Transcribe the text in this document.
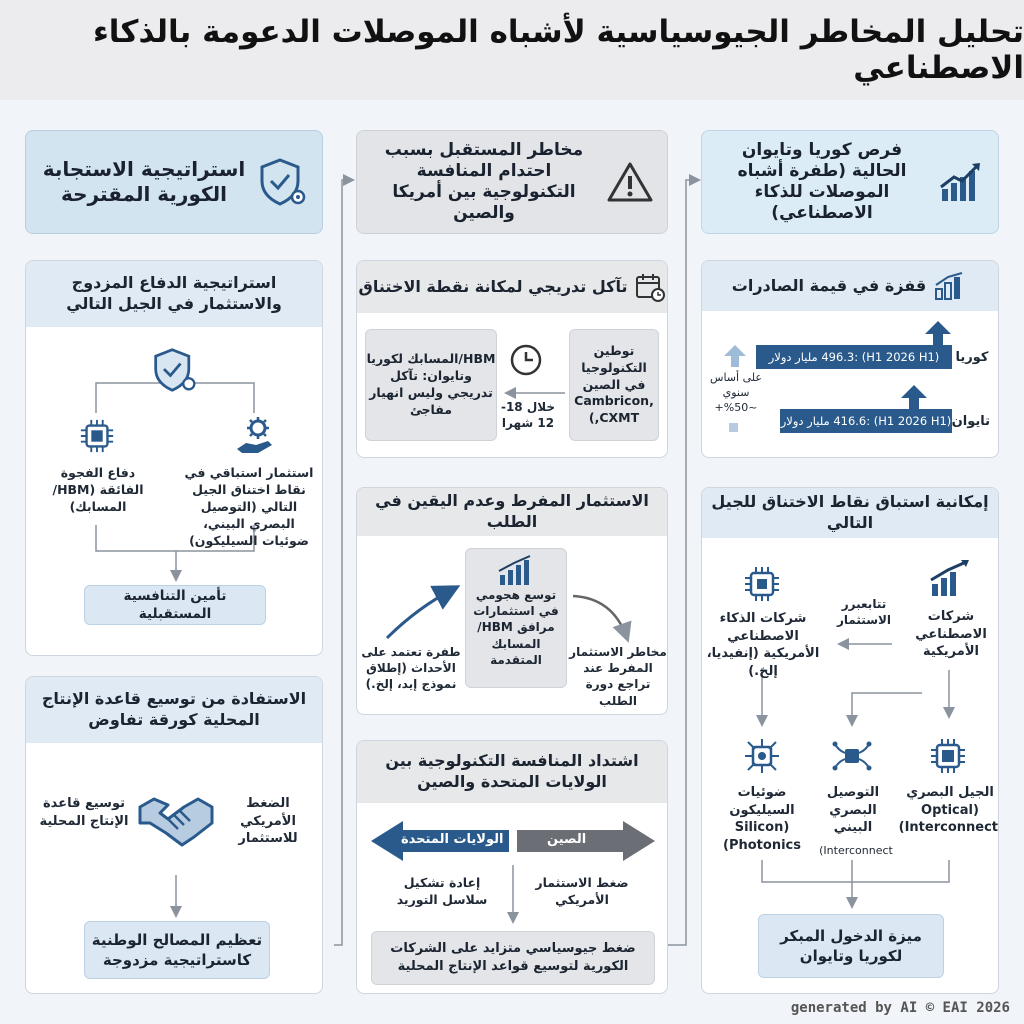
تحليل المخاطر الجيوسياسية لأشباه الموصلات الدعومة بالذكاء الاصطناعي
فرص كوريا وتايوان الحالية (طفرة أشباه الموصلات للذكاء الاصطناعي)
قفزة في قيمة الصادرات
كوريا
(H1 2026 H1) :496.3 مليار دولار
تايوان
(H1 2026 H1) :416.6 مليار دولار
على أساس سنوي ~50%+
إمكانية استباق نقاط الاختناق للجيل التالي
شركات الذكاء الاصطناعي الأمريكية (إنفيديا، إلخ.)
تتابعبرر الاستثمار	شركات الاصطناعي الأمريكية
ضوئيات السيليكون (Silicon Photonics)
التوصيل البصري البيني
Interconnect)
الجيل البصري (Optical Interconnect)
ميزة الدخول المبكر لكوريا وتايوان
مخاطر المستقبل بسبب احتدام المنافسة التكنولوجية بين أمريكا والصين
تآكل تدريجي لمكانة نقطة الاختناق
توطين التكنولوجيا في الصين Cambricon, CXMT,)
خلال 18-12 شهرا
HBM/المسابك لكوريا وتايوان: تآكل تدريجي وليس انهيار مفاجئ
الاستثمار المفرط وعدم اليقين في الطلب
طفرة تعتمد على الأحداث (إطلاق نموذج إيد، إلخ.)
توسع هجومي في استثمارات مرافق HBM/المسابك المتقدمة
مخاطر الاستثمار المفرط عند تراجع دورة الطلب
اشتداد المنافسة التكنولوجية بين الولايات المتحدة والصين
الولايات المتحدة	الصين
إعادة تشكيل سلاسل التوريد
ضغط الاستثمار الأمريكي
ضغط جيوسياسي متزايد على الشركات الكورية لتوسيع قواعد الإنتاج المحلية
استراتيجية الاستجابة الكورية المقترحة
استراتيجية الدفاع المزدوج والاستثمار في الجيل التالي
دفاع الفجوة الفائقة (HBM/المسابك)
استثمار استباقي في نقاط اختناق الجيل التالي (التوصيل البصري البيني، ضوئيات السيليكون)
تأمين التنافسية المستقبلية
الاستفادة من توسيع قاعدة الإنتاج المحلية كورقة تفاوض
توسيع قاعدة الإنتاج المحلية
الضغط الأمريكي للاستثمار
تعظيم المصالح الوطنية كاستراتيجية مزدوجة
generated by AI © EAI 2026
